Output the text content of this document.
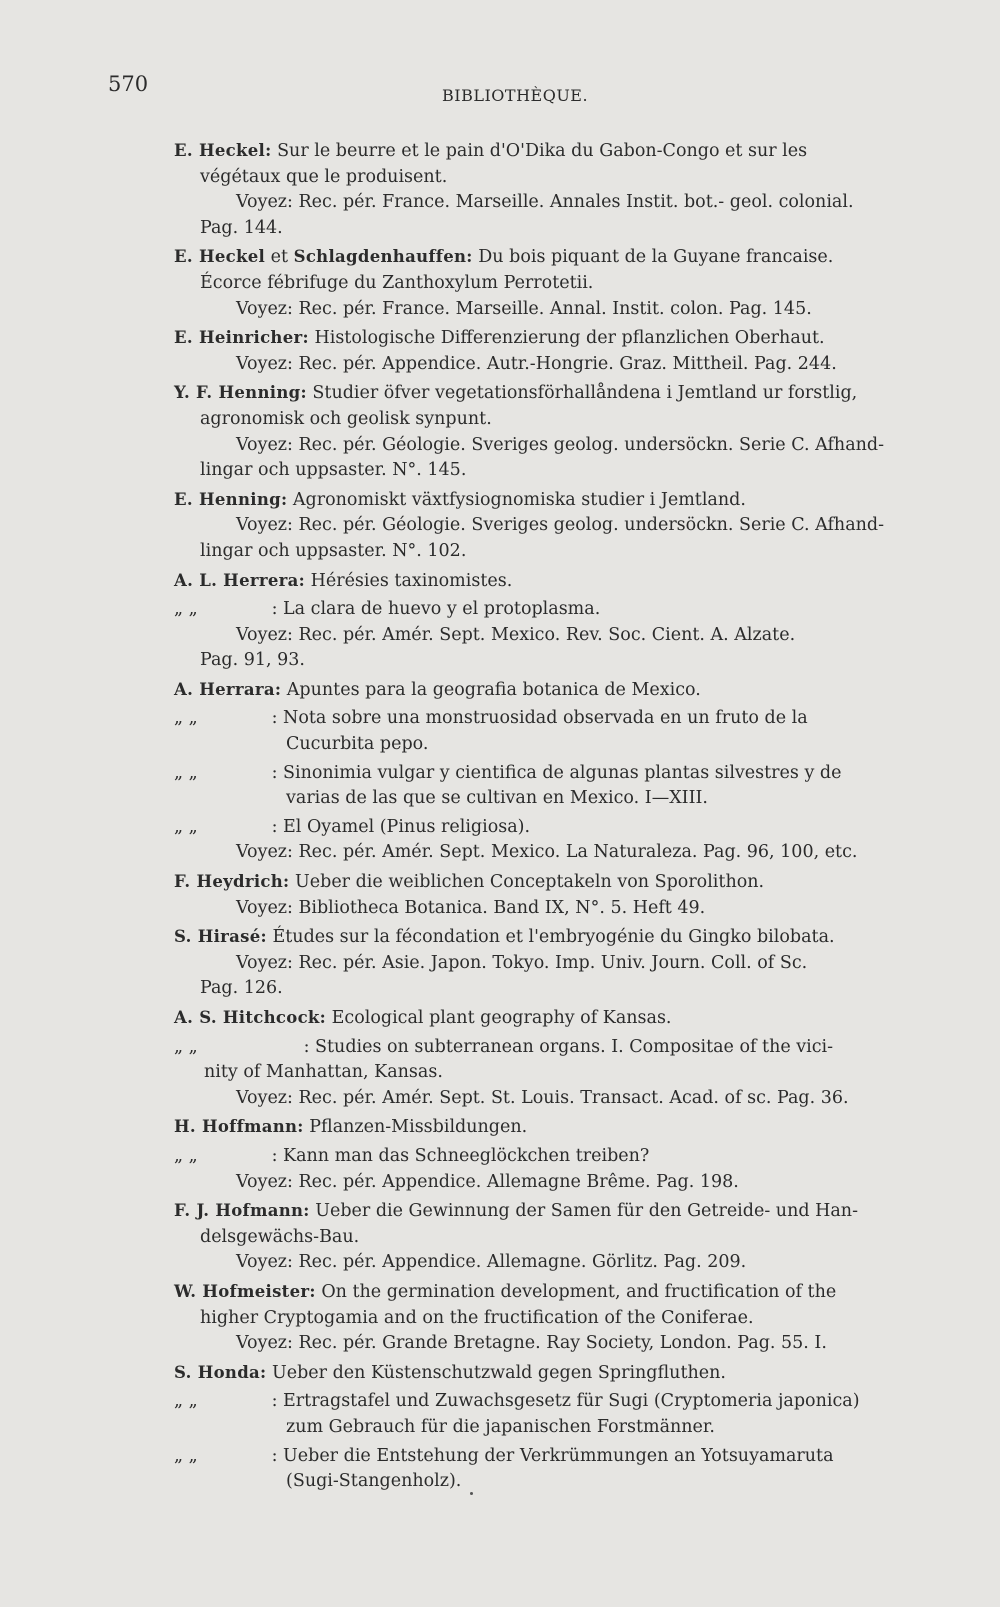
570	BIBLIOTHÈQUE.
E. Heckel: Sur le beurre et le pain d'O'Dika du Gabon-Congo et sur les
végétaux que le produisent.
Voyez: Rec. pér. France. Marseille. Annales Instit. bot.- geol. colonial.
Pag. 144.
E. Heckel et Schlagdenhauffen: Du bois piquant de la Guyane francaise.
Écorce fébrifuge du Zanthoxylum Perrotetii.
Voyez: Rec. pér. France. Marseille. Annal. Instit. colon. Pag. 145.
E. Heinricher: Histologische Differenzierung der pflanzlichen Oberhaut.
Voyez: Rec. pér. Appendice. Autr.-Hongrie. Graz. Mittheil. Pag. 244.
Y. F. Henning: Studier öfver vegetationsförhallåndena i Jemtland ur forstlig,
agronomisk och geolisk synpunt.
Voyez: Rec. pér. Géologie. Sveriges geolog. undersöckn. Serie C. Afhand-
lingar och uppsaster. N°. 145.
E. Henning: Agronomiskt växtfysiognomiska studier i Jemtland.
Voyez: Rec. pér. Géologie. Sveriges geolog. undersöckn. Serie C. Afhand-
lingar och uppsaster. N°. 102.
A. L. Herrera: Hérésies taxinomistes.
„ „	: La clara de huevo y el protoplasma.
Voyez: Rec. pér. Amér. Sept. Mexico. Rev. Soc. Cient. A. Alzate.
Pag. 91, 93.
A. Herrara: Apuntes para la geografia botanica de Mexico.
„ „	: Nota sobre una monstruosidad observada en un fruto de la
Cucurbita pepo.
„ „	: Sinonimia vulgar y cientifica de algunas plantas silvestres y de
varias de las que se cultivan en Mexico. I—XIII.
„ „	: El Oyamel (Pinus religiosa).
Voyez: Rec. pér. Amér. Sept. Mexico. La Naturaleza. Pag. 96, 100, etc.
F. Heydrich: Ueber die weiblichen Conceptakeln von Sporolithon.
Voyez: Bibliotheca Botanica. Band IX, N°. 5. Heft 49.
S. Hirasé: Études sur la fécondation et l'embryogénie du Gingko bilobata.
Voyez: Rec. pér. Asie. Japon. Tokyo. Imp. Univ. Journ. Coll. of Sc.
Pag. 126.
A. S. Hitchcock: Ecological plant geography of Kansas.
„ „	: Studies on subterranean organs. I. Compositae of the vici-
nity of Manhattan, Kansas.
Voyez: Rec. pér. Amér. Sept. St. Louis. Transact. Acad. of sc. Pag. 36.
H. Hoffmann: Pflanzen-Missbildungen.
„ „	: Kann man das Schneeglöckchen treiben?
Voyez: Rec. pér. Appendice. Allemagne Brême. Pag. 198.
F. J. Hofmann: Ueber die Gewinnung der Samen für den Getreide- und Han-
delsgewächs-Bau.
Voyez: Rec. pér. Appendice. Allemagne. Görlitz. Pag. 209.
W. Hofmeister: On the germination development, and fructification of the
higher Cryptogamia and on the fructification of the Coniferae.
Voyez: Rec. pér. Grande Bretagne. Ray Society, London. Pag. 55. I.
S. Honda: Ueber den Küstenschutzwald gegen Springfluthen.
„ „	: Ertragstafel und Zuwachsgesetz für Sugi (Cryptomeria japonica)
zum Gebrauch für die japanischen Forstmänner.
„ „	: Ueber die Entstehung der Verkrümmungen an Yotsuyamaruta
(Sugi-Stangenholz).
